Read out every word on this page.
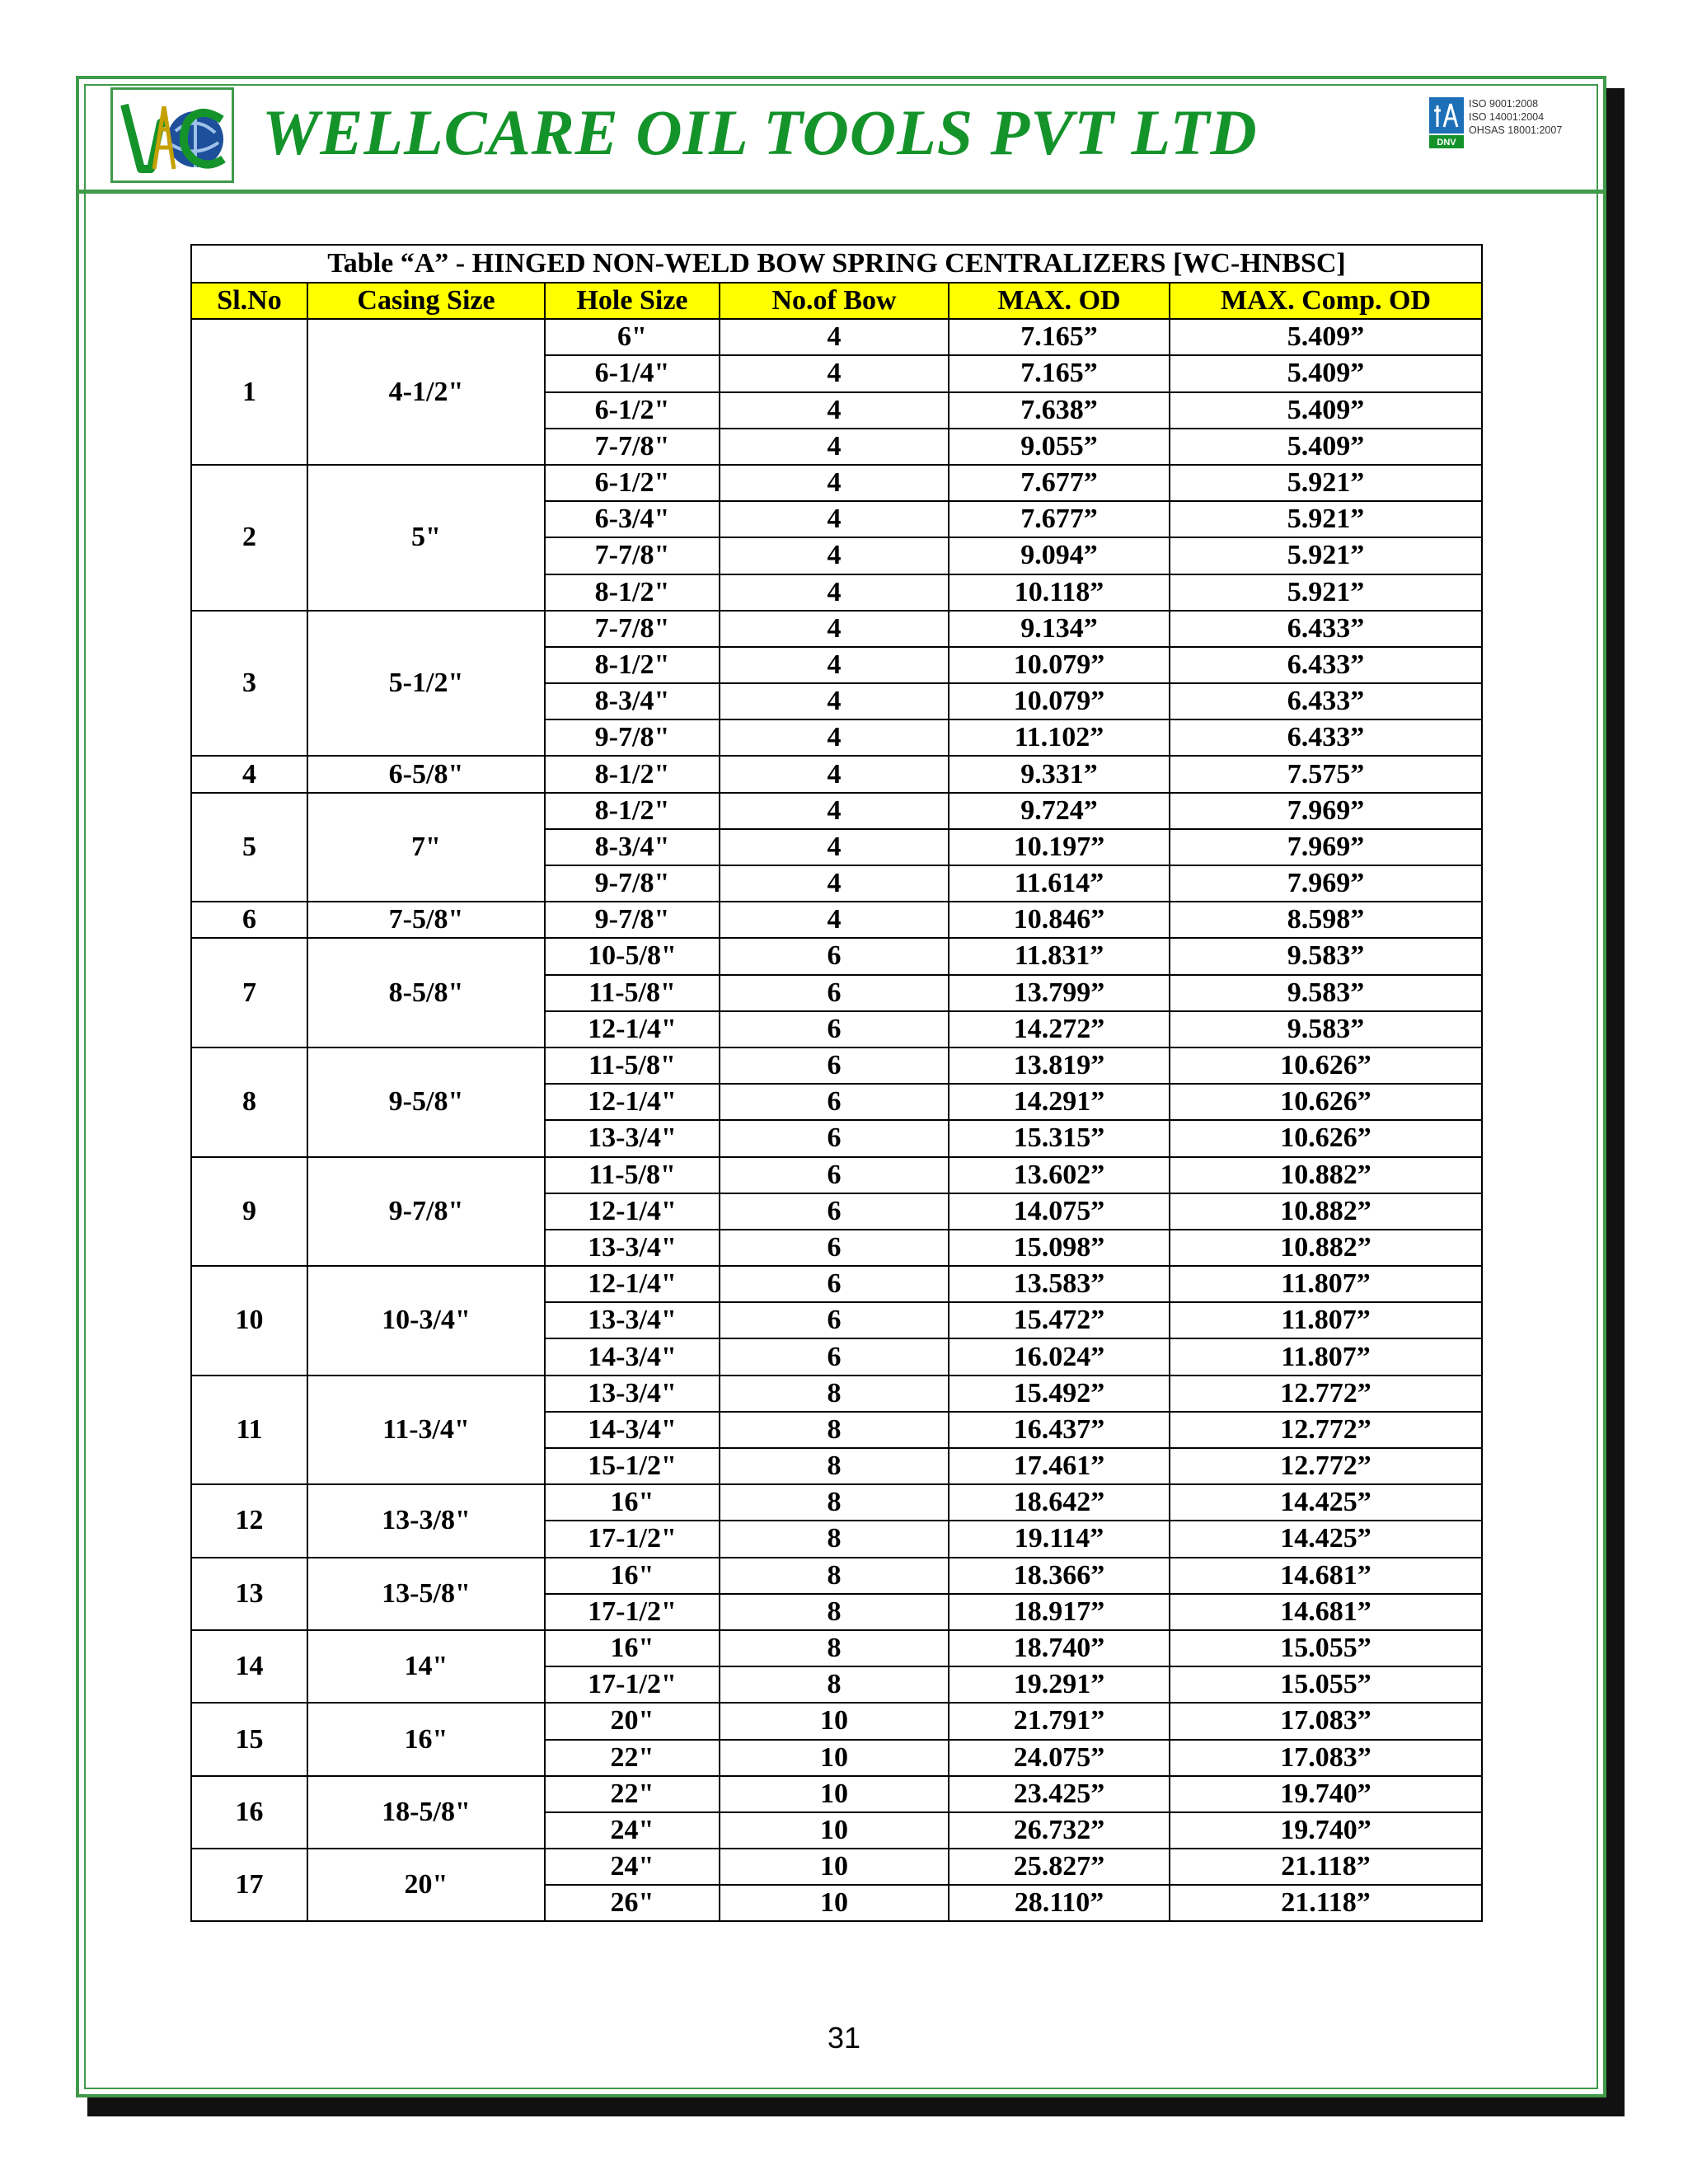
WELLCARE OIL TOOLS PVT LTD	DNV
ISO 9001:2008
ISO 14001:2004
OHSAS 18001:2007
Table “A” - HINGED NON-WELD BOW SPRING CENTRALIZERS [WC-HNBSC]					
Sl.No	Casing Size	Hole Size	No.of Bow	MAX. OD	MAX. Comp. OD
1	4-1/2"	6"	4	7.165”	5.409”
		6-1/4"	4	7.165”	5.409”
		6-1/2"	4	7.638”	5.409”
		7-7/8"	4	9.055”	5.409”
2	5"	6-1/2"	4	7.677”	5.921”
		6-3/4"	4	7.677”	5.921”
		7-7/8"	4	9.094”	5.921”
		8-1/2"	4	10.118”	5.921”
3	5-1/2"	7-7/8"	4	9.134”	6.433”
		8-1/2"	4	10.079”	6.433”
		8-3/4"	4	10.079”	6.433”
		9-7/8"	4	11.102”	6.433”
4	6-5/8"	8-1/2"	4	9.331”	7.575”
5	7"	8-1/2"	4	9.724”	7.969”
		8-3/4"	4	10.197”	7.969”
		9-7/8"	4	11.614”	7.969”
6	7-5/8"	9-7/8"	4	10.846”	8.598”
7	8-5/8"	10-5/8"	6	11.831”	9.583”
		11-5/8"	6	13.799”	9.583”
		12-1/4"	6	14.272”	9.583”
8	9-5/8"	11-5/8"	6	13.819”	10.626”
		12-1/4"	6	14.291”	10.626”
		13-3/4"	6	15.315”	10.626”
9	9-7/8"	11-5/8"	6	13.602”	10.882”
		12-1/4"	6	14.075”	10.882”
		13-3/4"	6	15.098”	10.882”
10	10-3/4"	12-1/4"	6	13.583”	11.807”
		13-3/4"	6	15.472”	11.807”
		14-3/4"	6	16.024”	11.807”
11	11-3/4"	13-3/4"	8	15.492”	12.772”
		14-3/4"	8	16.437”	12.772”
		15-1/2"	8	17.461”	12.772”
12	13-3/8"	16"	8	18.642”	14.425”
		17-1/2"	8	19.114”	14.425”
13	13-5/8"	16"	8	18.366”	14.681”
		17-1/2"	8	18.917”	14.681”
14	14"	16"	8	18.740”	15.055”
		17-1/2"	8	19.291”	15.055”
15	16"	20"	10	21.791”	17.083”
		22"	10	24.075”	17.083”
16	18-5/8"	22"	10	23.425”	19.740”
		24"	10	26.732”	19.740”
17	20"	24"	10	25.827”	21.118”
		26"	10	28.110”	21.118”
31
